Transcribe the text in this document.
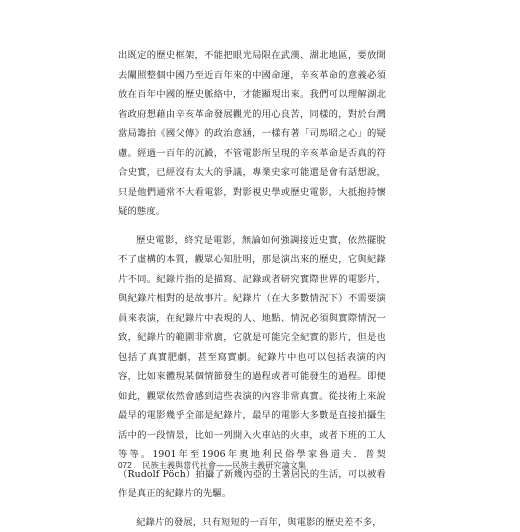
出既定的歷史框架，不能把眼光局限在武漢、湖北地區，要放開去闡照整個中國乃至近百年來的中國命運，辛亥革命的意義必須放在百年中國的歷史脈絡中，才能顯現出來。我們可以理解湖北省政府想藉由辛亥革命發展觀光的用心良苦，同樣的，對於台灣當局籌拍《國父傳》的政治意涵，一樣有著「司馬昭之心」的疑慮。經過一百年的沉澱，不管電影所呈現的辛亥革命是否真的符合史實，已經沒有太大的爭議，專業史家可能還是會有話想說，只是他們通常不大看電影，對影視史學或歷史電影，大抵抱持懷疑的態度。

歷史電影，終究是電影，無論如何強調接近史實，依然擺脫不了虛構的本質，觀眾心知肚明，那是演出來的歷史，它與紀錄片不同。紀錄片指的是描寫、記錄或者研究實際世界的電影片，與紀錄片相對的是故事片。紀錄片（在大多數情況下）不需要演員來表演，在紀錄片中表現的人、地點、情況必須與實際情況一致，紀錄片的範圍非常廣，它就是可能完全紀實的影片，但是也包括了真實肥劇，甚至寫實劇。紀錄片中也可以包括表演的內容，比如來體現某個情節發生的過程或者可能發生的過程。即便如此，觀眾依然會感到這些表演的內容非常真實。從技術上來說最早的電影幾乎全部是紀錄片，最早的電影大多數是直接拍攝生活中的一段情景，比如一列開入火車站的火車，或者下班的工人等等。1901年至1906年奧地利民俗學家魯道夫．普契（Rudolf Pöch）拍攝了新幾內亞的土著居民的生活，可以被看作是真正的紀錄片的先驅。

紀錄片的發展，只有短短的一百年，與電影的歷史差不多，

072 民族主義與當代社會——民族主義研究論文集
